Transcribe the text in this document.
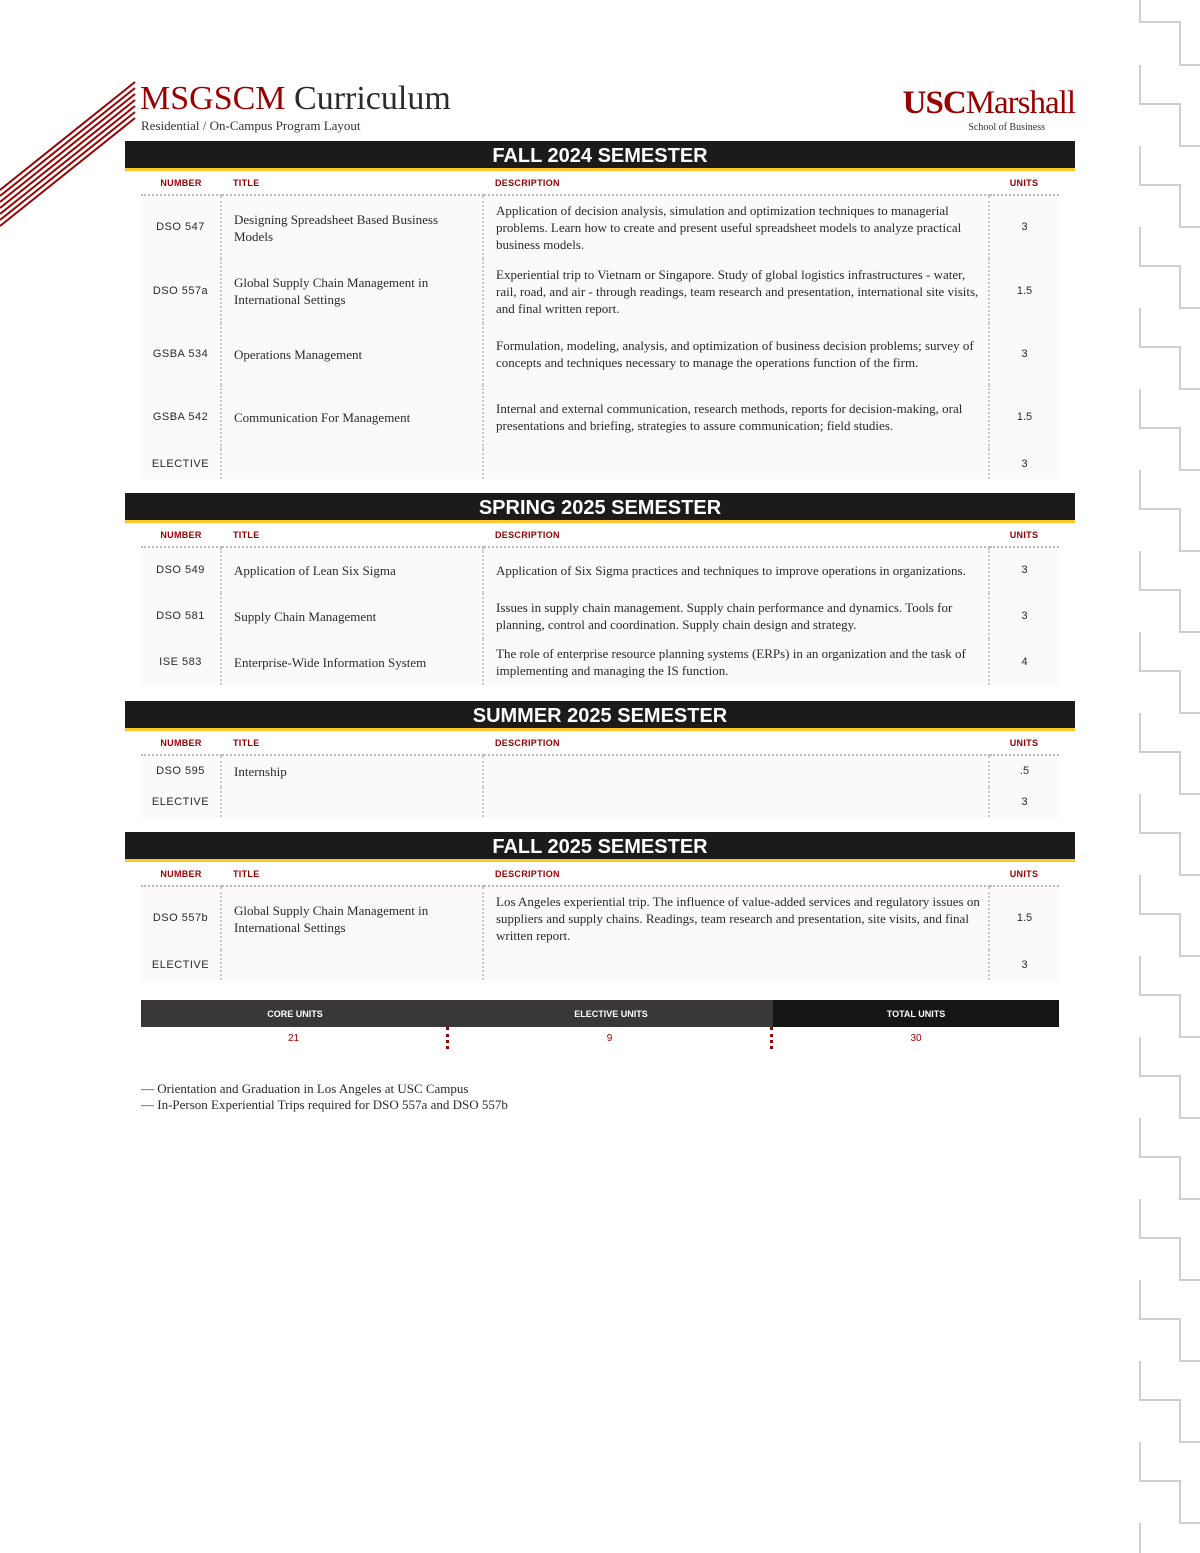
MSGSCM Curriculum
Residential / On-Campus Program Layout
USCMarshall
School of Business
FALL 2024 SEMESTER
NUMBER	TITLE	DESCRIPTION	UNITS
DSO 547	Designing Spreadsheet Based Business Models	Application of decision analysis, simulation and optimization techniques to managerial problems. Learn how to create and present useful spreadsheet models to analyze practical business models.	3
DSO 557a	Global Supply Chain Management in International Settings	Experiential trip to Vietnam or Singapore. Study of global logistics infrastructures - water, rail, road, and air - through readings, team research and presentation, international site visits, and final written report.	1.5
GSBA 534	Operations Management	Formulation, modeling, analysis, and optimization of business decision problems; survey of concepts and techniques necessary to manage the operations function of the firm.	3
GSBA 542	Communication For Management	Internal and external communication, research methods, reports for decision-making, oral presentations and briefing, strategies to assure communication; field studies.	1.5
ELECTIVE			3
SPRING 2025 SEMESTER
NUMBER	TITLE	DESCRIPTION	UNITS
DSO 549	Application of Lean Six Sigma	Application of Six Sigma practices and techniques to improve operations in organizations.	3
DSO 581	Supply Chain Management	Issues in supply chain management. Supply chain performance and dynamics. Tools for planning, control and coordination. Supply chain design and strategy.	3
ISE 583	Enterprise-Wide Information System	The role of enterprise resource planning systems (ERPs) in an organization and the task of implementing and managing the IS function.	4
SUMMER 2025 SEMESTER
NUMBER	TITLE	DESCRIPTION	UNITS
DSO 595	Internship		.5
ELECTIVE			3
FALL 2025 SEMESTER
NUMBER	TITLE	DESCRIPTION	UNITS
DSO 557b	Global Supply Chain Management in International Settings	Los Angeles experiential trip. The influence of value-added services and regulatory issues on suppliers and supply chains. Readings, team research and presentation, site visits, and final written report.	1.5
ELECTIVE			3
CORE UNITS	ELECTIVE UNITS	TOTAL UNITS
21	9	30
— Orientation and Graduation in Los Angeles at USC Campus
— In-Person Experiential Trips required for DSO 557a and DSO 557b
